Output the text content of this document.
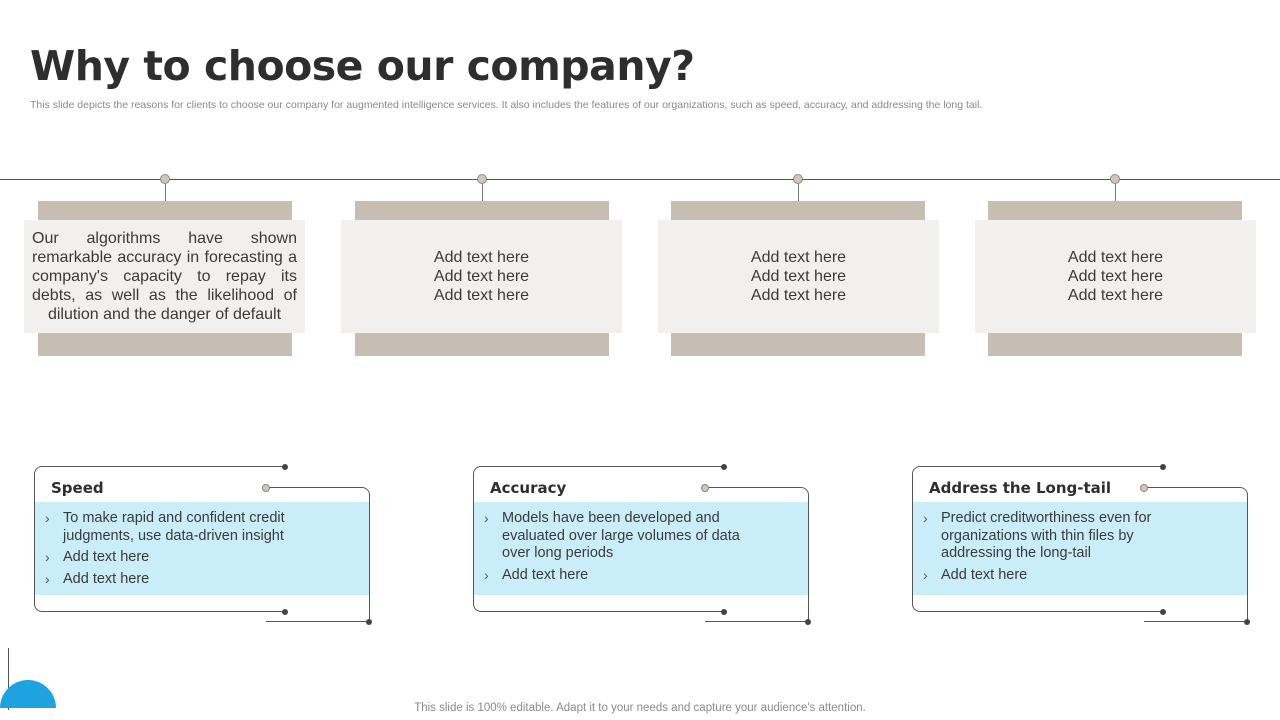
Why to choose our company?
This slide depicts the reasons for clients to choose our company for augmented intelligence services. It also includes the features of our organizations, such as speed, accuracy, and addressing the long tail.
Our algorithms have shown remarkable accuracy in forecasting a company's capacity to repay its debts, as well as the likelihood of dilution and the danger of default
Add text here
Add text here
Add text here
Add text here
Add text here
Add text here
Add text here
Add text here
Add text here
Speed
› To make rapid and confident credit judgments, use data-driven insight
› Add text here
› Add text here
Accuracy
› Models have been developed and evaluated over large volumes of data over long periods
› Add text here
Address the Long-tail
› Predict creditworthiness even for organizations with thin files by addressing the long-tail
› Add text here
This slide is 100% editable. Adapt it to your needs and capture your audience's attention.
